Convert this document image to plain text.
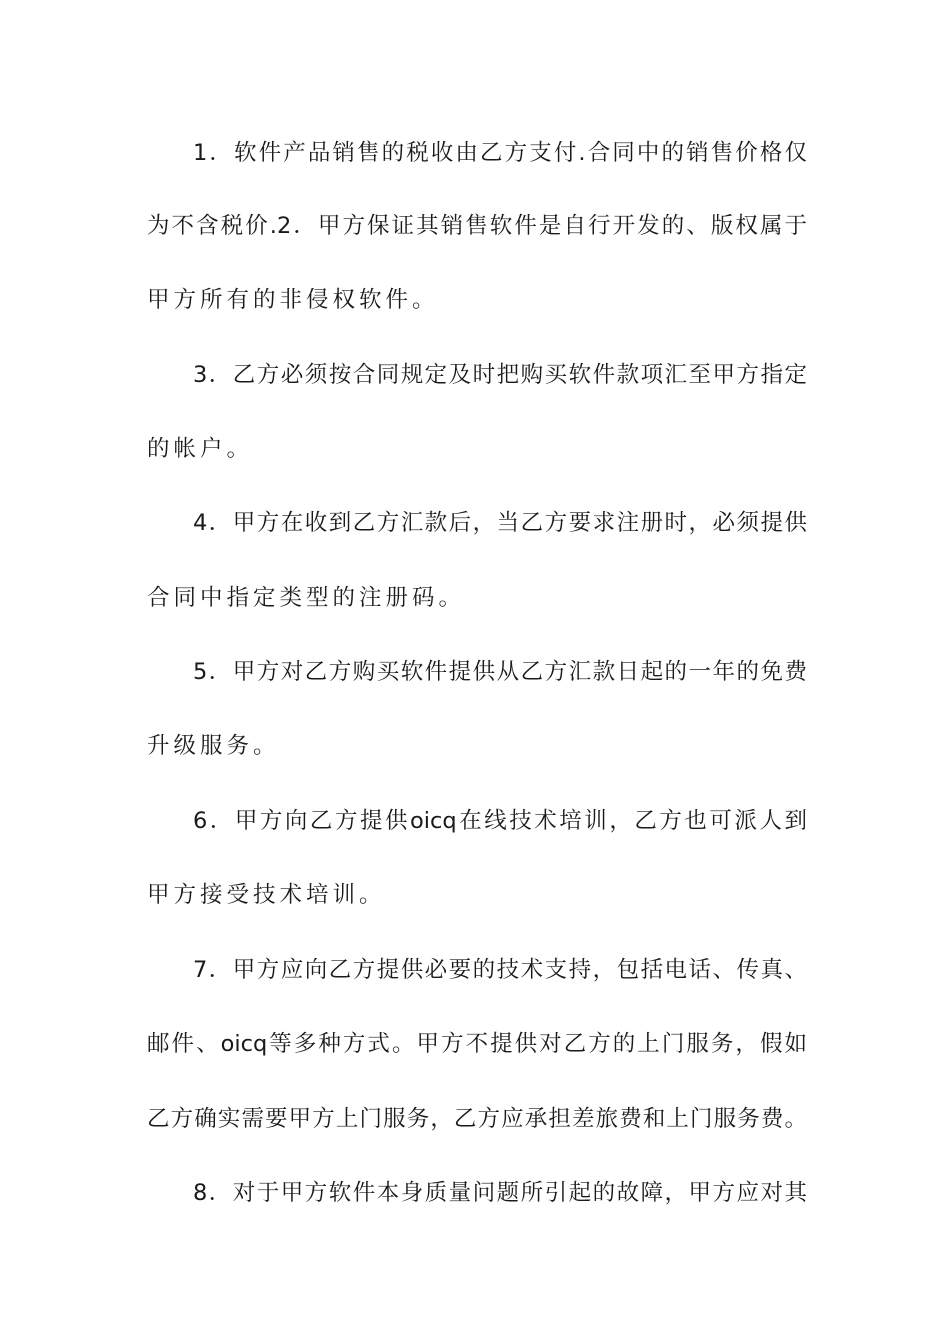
1．软件产品销售的税收由乙方支付.合同中的销售价格仅
为不含税价.2．甲方保证其销售软件是自行开发的、版权属于
甲方所有的非侵权软件。
3．乙方必须按合同规定及时把购买软件款项汇至甲方指定
的帐户。
4．甲方在收到乙方汇款后，当乙方要求注册时，必须提供
合同中指定类型的注册码。
5．甲方对乙方购买软件提供从乙方汇款日起的一年的免费
升级服务。
6．甲方向乙方提供oicq在线技术培训，乙方也可派人到
甲方接受技术培训。
7．甲方应向乙方提供必要的技术支持，包括电话、传真、
邮件、oicq等多种方式。甲方不提供对乙方的上门服务，假如
乙方确实需要甲方上门服务，乙方应承担差旅费和上门服务费。
8．对于甲方软件本身质量问题所引起的故障，甲方应对其
